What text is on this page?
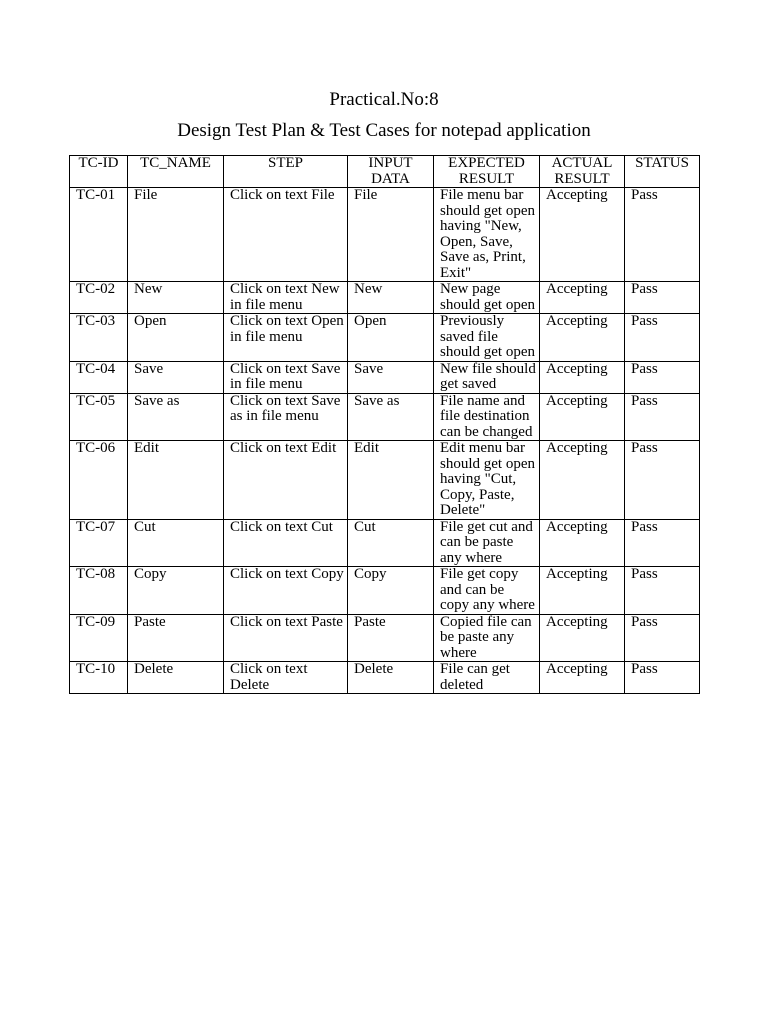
Practical.No:8
Design Test Plan & Test Cases for notepad application
TC-ID	TC_NAME	STEP	INPUT DATA	EXPECTED RESULT	ACTUAL RESULT	STATUS
TC-01	File	Click on text File	File	File menu bar should get open having "New, Open, Save, Save as, Print, Exit"	Accepting	Pass
TC-02	New	Click on text New in file menu	New	New page should get open	Accepting	Pass
TC-03	Open	Click on text Open in file menu	Open	Previously saved file should get open	Accepting	Pass
TC-04	Save	Click on text Save in file menu	Save	New file should get saved	Accepting	Pass
TC-05	Save as	Click on text Save as in file menu	Save as	File name and file destination can be changed	Accepting	Pass
TC-06	Edit	Click on text Edit	Edit	Edit menu bar should get open having "Cut, Copy, Paste, Delete"	Accepting	Pass
TC-07	Cut	Click on text Cut	Cut	File get cut and can be paste any where	Accepting	Pass
TC-08	Copy	Click on text Copy	Copy	File get copy and can be copy any where	Accepting	Pass
TC-09	Paste	Click on text Paste	Paste	Copied file can be paste any where	Accepting	Pass
TC-10	Delete	Click on text Delete	Delete	File can get deleted	Accepting	Pass
